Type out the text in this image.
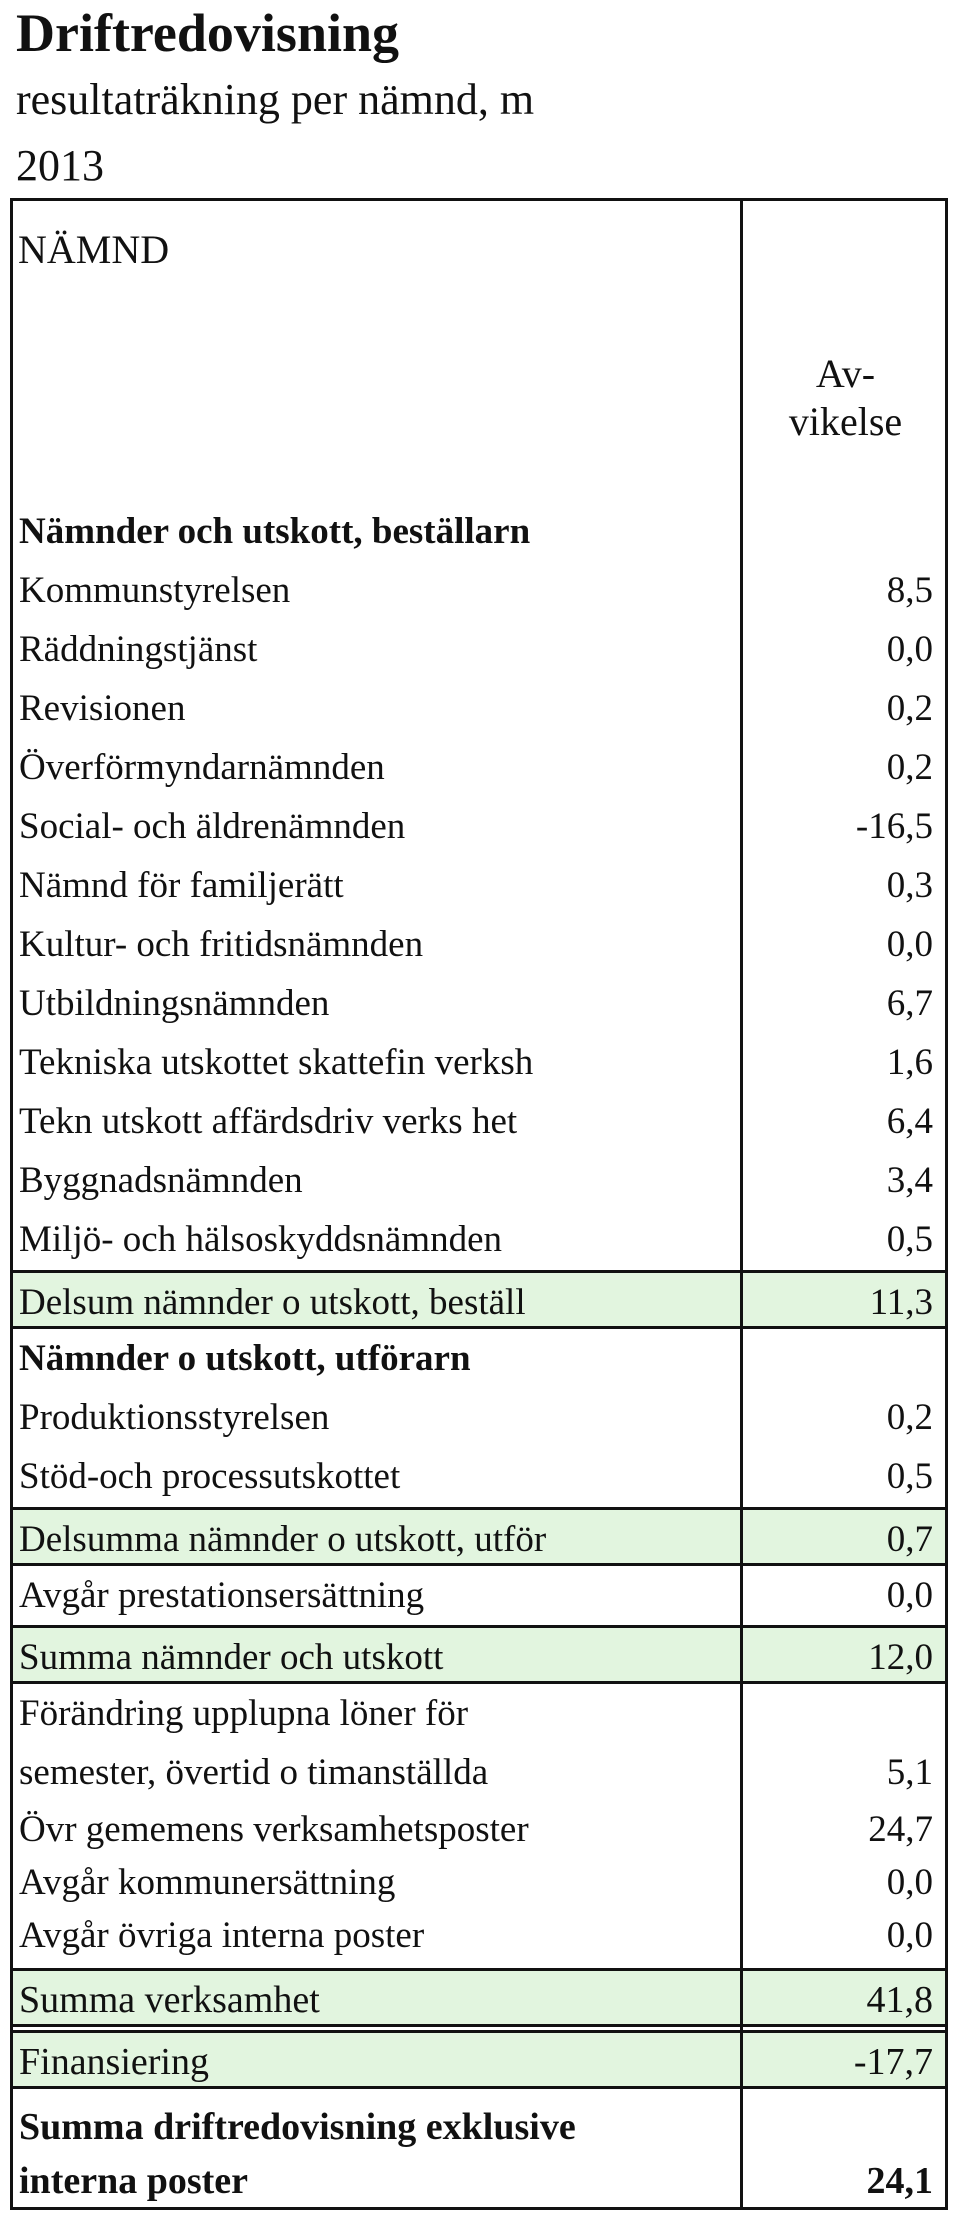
Driftredovisning
resultaträkning per nämnd, m
2013
NÄMND
Av-
vikelse
Nämnder och utskott, beställarn
Kommunstyrelsen	8,5
Räddningstjänst	0,0
Revisionen	0,2
Överförmyndarnämnden	0,2
Social- och äldrenämnden	-16,5
Nämnd för familjerätt	0,3
Kultur- och fritidsnämnden	0,0
Utbildningsnämnden	6,7
Tekniska utskottet skattefin verksh	1,6
Tekn utskott affärdsdriv verks het	6,4
Byggnadsnämnden	3,4
Miljö- och hälsoskyddsnämnden	0,5
Delsum nämnder o utskott, beställ	11,3
Nämnder o utskott, utförarn
Produktionsstyrelsen	0,2
Stöd-och processutskottet	0,5
Delsumma nämnder o utskott, utför	0,7
Avgår prestationsersättning	0,0
Summa nämnder och utskott	12,0
Förändring upplupna löner för
semester, övertid o timanställda	5,1
Övr gememens verksamhetsposter	24,7
Avgår kommunersättning	0,0
Avgår övriga interna poster	0,0
Summa verksamhet	41,8
Finansiering	-17,7
Summa driftredovisning exklusive
interna poster	24,1
